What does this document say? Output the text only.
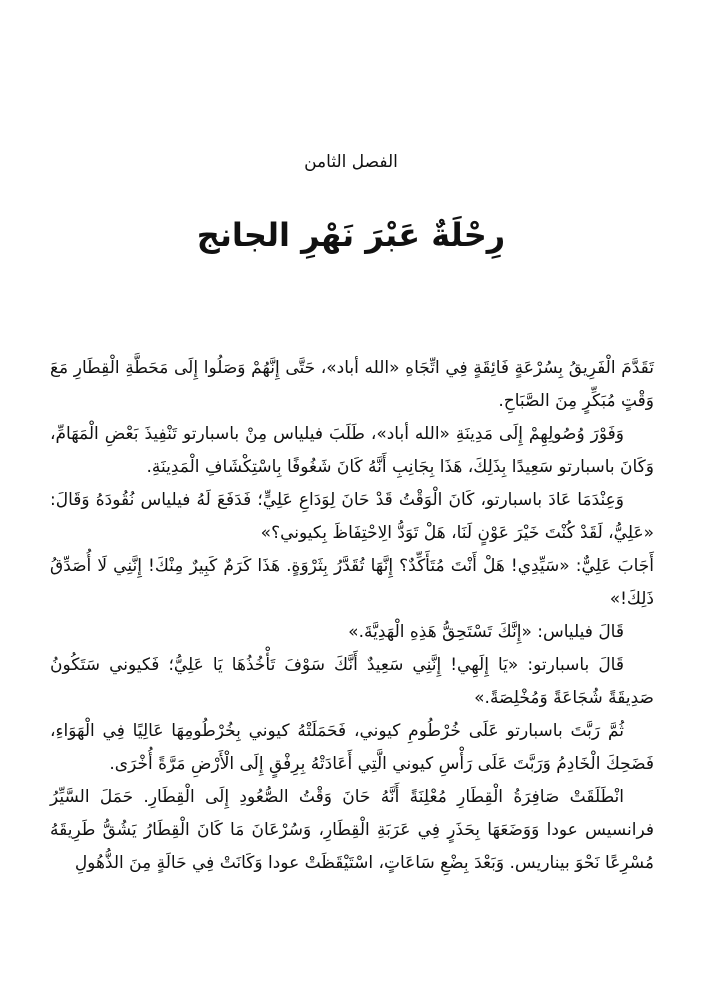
الفصل الثامن
رِحْلَةٌ عَبْرَ نَهْرِ الجانج

تَقَدَّمَ الْفَرِيقُ بِسُرْعَةٍ فَائِقَةٍ فِي اتِّجَاهِ «الله أباد»، حَتَّى إِنَّهُمْ وَصَلُوا إِلَى مَحَطَّةِ الْقِطَارِ مَعَ وَقْتٍ مُبَكِّرٍ مِنَ الصَّبَاحِ.

وَفَوْرَ وُصُولِهِمْ إِلَى مَدِينَةِ «الله أباد»، طَلَبَ فيلياس مِنْ باسبارتو تَنْفِيذَ بَعْضِ الْمَهَامِّ، وَكَانَ باسبارتو سَعِيدًا بِذَلِكَ، هَذَا بِجَانِبِ أَنَّهُ كَانَ شَغُوفًا بِاسْتِكْشَافِ الْمَدِينَةِ.

وَعِنْدَمَا عَادَ باسبارتو، كَانَ الْوَقْتُ قَدْ حَانَ لِوَدَاعِ عَلِيٍّ؛ فَدَفَعَ لَهُ فيلياس نُقُودَهُ وَقَالَ: «عَلِيُّ، لَقَدْ كُنْتَ خَيْرَ عَوْنٍ لَنَا، هَلْ تَوَدُّ الِاحْتِفَاظَ بِكيوني؟»

أَجَابَ عَلِيٌّ: «سَيِّدِي! هَلْ أَنْتَ مُتَأَكِّدٌ؟ إِنَّهَا تُقَدَّرُ بِثَرْوَةٍ. هَذَا كَرَمٌ كَبِيرٌ مِنْكَ! إِنَّنِي لَا أُصَدِّقُ ذَلِكَ!»

قَالَ فيلياس: «إِنَّكَ تَسْتَحِقُّ هَذِهِ الْهَدِيَّةَ.»

قَالَ باسبارتو: «يَا إِلَهِي! إِنَّنِي سَعِيدٌ أَنَّكَ سَوْفَ تَأْخُذُهَا يَا عَلِيُّ؛ فَكيوني سَتَكُونُ صَدِيقَةً شُجَاعَةً وَمُخْلِصَةً.»

ثُمَّ رَبَّتَ باسبارتو عَلَى خُرْطُومِ كيوني، فَحَمَلَتْهُ كيوني بِخُرْطُومِهَا عَالِيًا فِي الْهَوَاءِ، فَضَحِكَ الْخَادِمُ وَرَبَّتَ عَلَى رَأْسِ كيوني الَّتِي أَعَادَتْهُ بِرِفْقٍ إِلَى الْأَرْضِ مَرَّةً أُخْرَى.

انْطَلَقَتْ صَافِرَةُ الْقِطَارِ مُعْلِنَةً أَنَّهُ حَانَ وَقْتُ الصُّعُودِ إِلَى الْقِطَارِ. حَمَلَ السَّيِّرُ فرانسيس عودا وَوَضَعَهَا بِحَذَرٍ فِي عَرَبَةِ الْقِطَارِ، وَسُرْعَانَ مَا كَانَ الْقِطَارُ يَشُقُّ طَرِيقَهُ مُسْرِعًا نَحْوَ بيناريس. وَبَعْدَ بِضْعِ سَاعَاتٍ، اسْتَيْقَظَتْ عودا وَكَانَتْ فِي حَالَةٍ مِنَ الذُّهُولِ
